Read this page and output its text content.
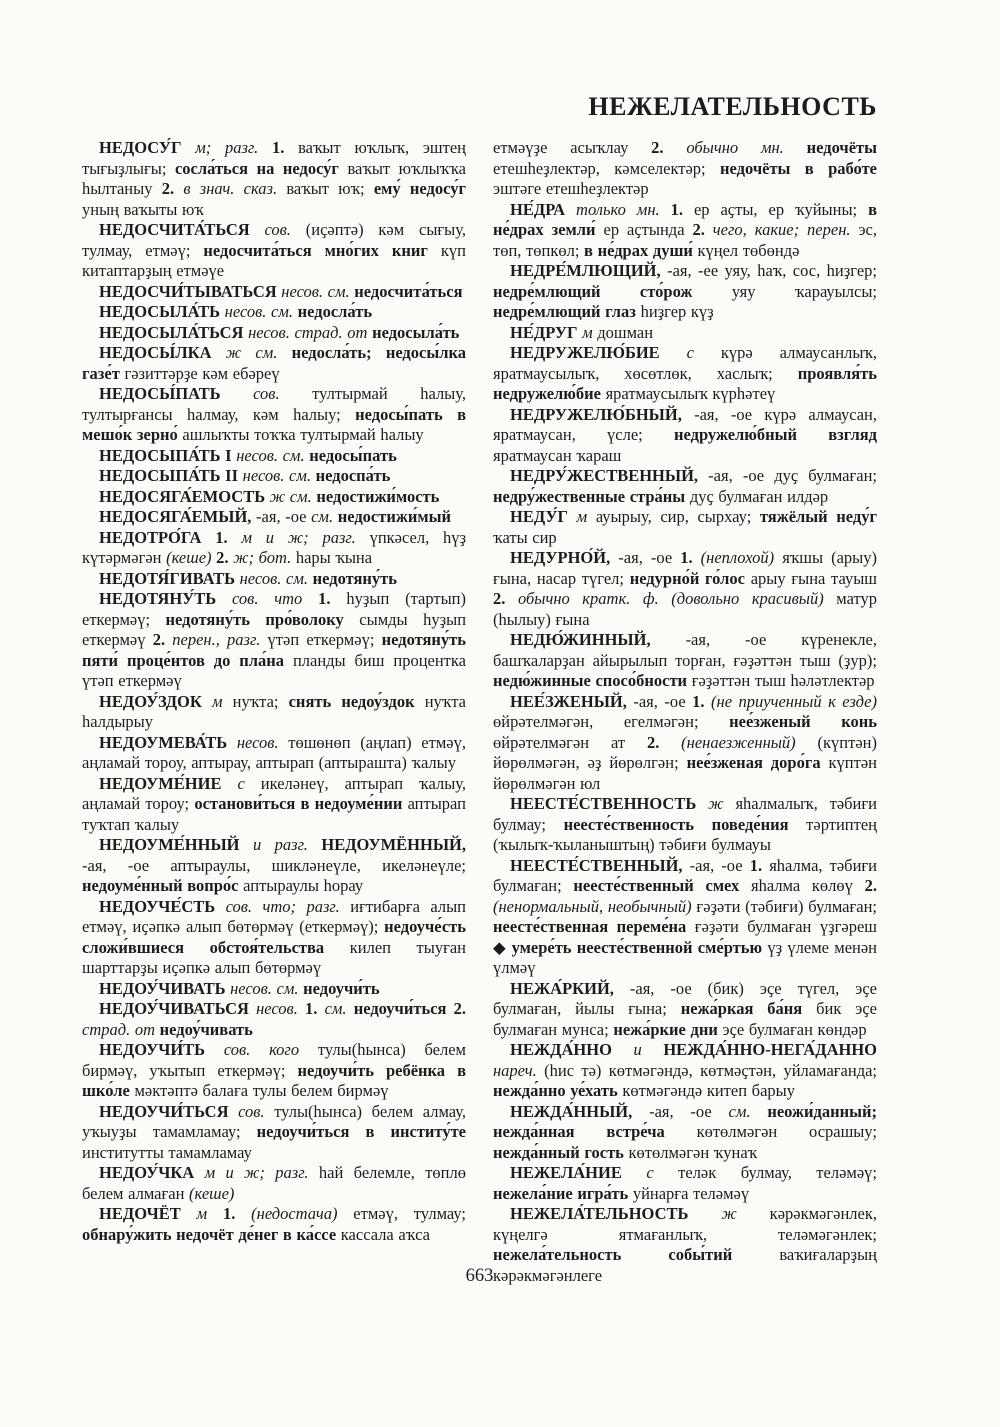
НЕЖЕЛАТЕЛЬНОСТЬ

НЕДОСУ́Г м; разг. 1. ваҡыт юҡлыҡ, эштең тығыҙлығы; сосла́ться на недосу́г ваҡыт юҡлыҡҡа һылтаныу 2. в знач. сказ. ваҡыт юҡ; ему́ недосу́г уның ваҡыты юҡ

НЕДОСЧИТА́ТЬСЯ сов. (иҫәптә) кәм сығыу, тулмау, етмәү; недосчита́ться мно́гих книг күп китаптарҙың етмәүе

НЕДОСЧИ́ТЫВАТЬСЯ несов. см. недосчита́ться

НЕДОСЫЛА́ТЬ несов. см. недосла́ть

НЕДОСЫЛА́ТЬСЯ несов. страд. от недосыла́ть

НЕДОСЫ́ЛКА ж см. недосла́ть; недосы́лка газе́т гәзиттәрҙе кәм ебәреү

НЕДОСЫ́ПАТЬ сов. тултырмай һалыу, тултырғансы һалмау, кәм һалыу; недосы́пать в мешо́к зерно́ ашлыҡты тоҡҡа тултырмай һалыу

НЕДОСЫПА́ТЬ I несов. см. недосы́пать

НЕДОСЫПА́ТЬ II несов. см. недоспа́ть

НЕДОСЯГА́ЕМОСТЬ ж см. недостижи́мость

НЕДОСЯГА́ЕМЫЙ, -ая, -ое см. недостижи́мый

НЕДОТРО́ГА 1. м и ж; разг. үпкәсел, һүҙ күтәрмәгән (кеше) 2. ж; бот. һары ҡына

НЕДОТЯ́ГИВАТЬ несов. см. недотяну́ть

НЕДОТЯНУ́ТЬ сов. что 1. һуҙып (тартып) еткермәү; недотяну́ть про́волоку сымды һуҙып еткермәү 2. перен., разг. үтәп еткермәү; недотяну́ть пяти́ проце́нтов до пла́на планды биш процентка үтәп еткермәү

НЕДОУ́ЗДОК м нуҡта; снять недоу́здок нуҡта һалдырыу

НЕДОУМЕВА́ТЬ несов. төшөнөп (аңлап) етмәү, аңламай тороу, аптырау, аптырап (аптырашта) ҡалыу

НЕДОУМЕ́НИЕ с икеләнеү, аптырап ҡалыу, аңламай тороу; останови́ться в недоуме́нии аптырап туҡтап ҡалыу

НЕДОУМЕ́ННЫЙ и разг. НЕДОУМЁННЫЙ, -ая, -ое аптыраулы, шикләнеүле, икеләнеүле; недоуме́нный вопро́с аптыраулы һорау

НЕДОУЧЕ́СТЬ сов. что; разг. иғтибарға алып етмәү, иҫәпкә алып бөтөрмәү (еткермәү); недоуче́сть сложи́вшиеся обстоя́тельства килеп тыуған шарттарҙы иҫәпкә алып бөтөрмәү

НЕДОУ́ЧИВАТЬ несов. см. недоучи́ть

НЕДОУ́ЧИВАТЬСЯ несов. 1. см. недоучи́ться 2. страд. от недоу́чивать

НЕДОУЧИ́ТЬ сов. кого тулы(һынса) белем бирмәү, уҡытып еткермәү; недоучи́ть ребёнка в шко́ле мәктәптә балаға тулы белем бирмәү

НЕДОУЧИ́ТЬСЯ сов. тулы(һынса) белем алмау, уҡыуҙы тамамламау; недоучи́ться в институ́те институтты тамамламау

НЕДОУ́ЧКА м и ж; разг. һай белемле, төплө белем алмаған (кеше)

НЕДОЧЁТ м 1. (недостача) етмәү, тулмау; обнару́жить недочёт де́нег в ка́ссе кассала аҡса

етмәүҙе асыҡлау 2. обычно мн. недочёты етешһеҙлектәр, кәмселектәр; недочёты в рабо́те эштәге етешһеҙлектәр

НЕ́ДРА только мн. 1. ер аҫты, ер ҡуйыны; в не́драх земли́ ер аҫтында 2. чего, какие; перен. эс, төп, төпкөл; в не́драх души́ күңел төбөндә

НЕДРЕ́МЛЮЩИЙ, -ая, -ее уяу, һаҡ, сос, һиҙгер; недре́млющий сто́рож уяу ҡарауылсы; недре́млющий глаз һиҙгер күҙ

НЕ́ДРУГ м дошман

НЕДРУЖЕЛЮ́БИЕ с күрә алмаусанлыҡ, яратмаусылыҡ, хөсөтлөк, хаслыҡ; проявля́ть недружелю́бие яратмаусылыҡ күрһәтеү

НЕДРУЖЕЛЮ́БНЫЙ, -ая, -ое күрә алмаусан, яратмаусан, үсле; недружелю́бный взгляд яратмаусан ҡараш

НЕДРУ́ЖЕСТВЕННЫЙ, -ая, -ое дуҫ булмаған; недру́жественные стра́ны дуҫ булмаған илдәр

НЕДУ́Г м ауырыу, сир, сырхау; тяжёлый неду́г ҡаты сир

НЕДУРНО́Й, -ая, -ое 1. (неплохой) яҡшы (арыу) ғына, насар түгел; недурно́й го́лос арыу ғына тауыш 2. обычно кратк. ф. (довольно красивый) матур (һылыу) ғына

НЕДЮ́ЖИННЫЙ, -ая, -ое күренекле, башҡаларҙан айырылып торған, ғәҙәттән тыш (ҙур); недю́жинные спосо́бности ғәҙәттән тыш һәләтлектәр

НЕЕ́ЗЖЕНЫЙ, -ая, -ое 1. (не приученный к езде) өйрәтелмәгән, егелмәгән; нее́зженый конь өйрәтелмәгән ат 2. (ненаезженный) (күптән) йөрөлмәгән, әҙ йөрөлгән; нее́зженая доро́га күптән йөрөлмәгән юл

НЕЕСТЕ́СТВЕННОСТЬ ж яһалмалыҡ, тәбиғи булмау; неесте́ственность поведе́ния тәртиптең (ҡылыҡ-ҡыланыштың) тәбиғи булмауы

НЕЕСТЕ́СТВЕННЫЙ, -ая, -ое 1. яһалма, тәбиғи булмаған; неесте́ственный смех яһалма көлөү 2. (ненормальный, необычный) ғәҙәти (тәбиғи) булмаған; неесте́ственная переме́на ғәҙәти булмаған үҙгәреш ◆ умере́ть неесте́ственной сме́ртью үҙ үлеме менән үлмәү

НЕЖА́РКИЙ, -ая, -ое (бик) эҫе түгел, эҫе булмаған, йылы ғына; нежа́ркая ба́ня бик эҫе булмаған мунса; нежа́ркие дни эҫе булмаған көндәр

НЕЖДА́ННО и НЕЖДА́ННО-НЕГА́ДАННО нареч. (һис тә) көтмәгәндә, көтмәҫтән, уйламағанда; нежда́нно уе́хать көтмәгәндә китеп барыу

НЕЖДА́ННЫЙ, -ая, -ое см. неожи́данный; нежда́нная встре́ча көтөлмәгән осрашыу; нежда́нный гость көтөлмәгән ҡунаҡ

НЕЖЕЛА́НИЕ с теләк булмау, теләмәү; нежела́ние игра́ть уйнарға теләмәү

НЕЖЕЛА́ТЕЛЬНОСТЬ ж кәрәкмәгәнлек, күңелгә ятмағанлыҡ, теләмәгәнлек; нежела́тельность собы́тий ваҡиғаларҙың кәрәкмәгәнлеге

663
